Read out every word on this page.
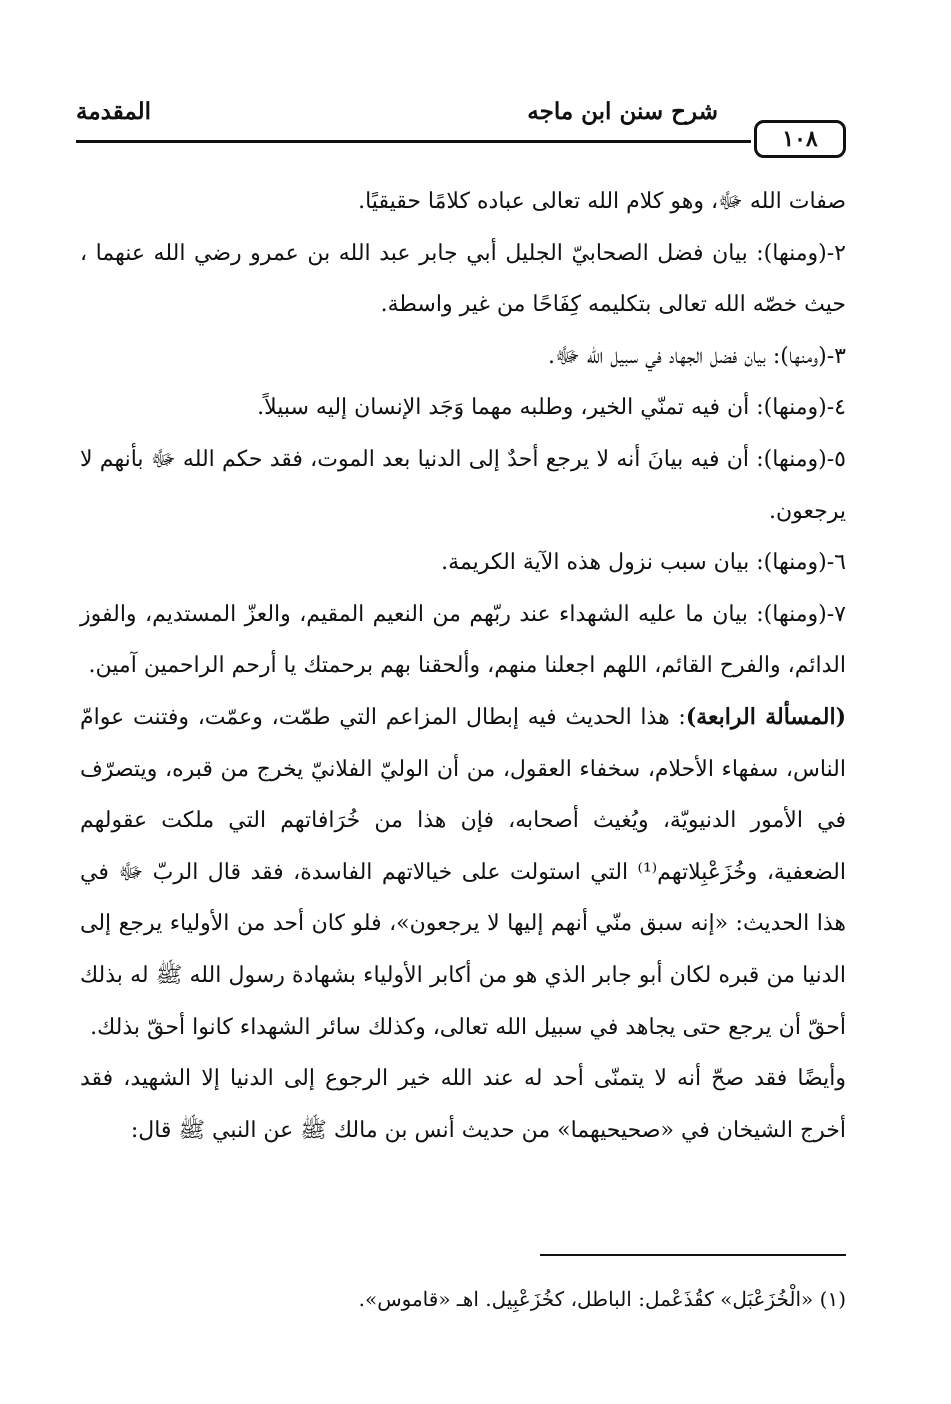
المقدمة	شرح سنن ابن ماجه
١٠٨

صفات الله ﷻ، وهو كلام الله تعالى عباده كلامًا حقيقيًا.

٢-(ومنها): بيان فضل الصحابيّ الجليل أبي جابر عبد الله بن عمرو رضي الله عنهما ، حيث خصّه الله تعالى بتكليمه كِفَاحًا من غير واسطة.

٣-(ومنها): بيان فضل الجهاد في سبيل الله ﷻ.

٤-(ومنها): أن فيه تمنّي الخير، وطلبه مهما وَجَد الإنسان إليه سبيلاً.

٥-(ومنها): أن فيه بيانَ أنه لا يرجع أحدٌ إلى الدنيا بعد الموت، فقد حكم الله ﷻ بأنهم لا يرجعون.

٦-(ومنها): بيان سبب نزول هذه الآية الكريمة.

٧-(ومنها): بيان ما عليه الشهداء عند ربّهم من النعيم المقيم، والعزّ المستديم، والفوز الدائم، والفرح القائم، اللهم اجعلنا منهم، وألحقنا بهم برحمتك يا أرحم الراحمين آمين.

(المسألة الرابعة): هذا الحديث فيه إبطال المزاعم التي طمّت، وعمّت، وفتنت عوامّ الناس، سفهاء الأحلام، سخفاء العقول، من أن الوليّ الفلانيّ يخرج من قبره، ويتصرّف في الأمور الدنيويّة، ويُغيث أصحابه، فإن هذا من خُرَافاتهم التي ملكت عقولهم الضعفية، وخُزَعْبِلاتهم⁽¹⁾ التي استولت على خيالاتهم الفاسدة، فقد قال الربّ ﷻ في هذا الحديث: «إنه سبق منّي أنهم إليها لا يرجعون»، فلو كان أحد من الأولياء يرجع إلى الدنيا من قبره لكان أبو جابر الذي هو من أكابر الأولياء بشهادة رسول الله ﷺ له بذلك أحقّ أن يرجع حتى يجاهد في سبيل الله تعالى، وكذلك سائر الشهداء كانوا أحقّ بذلك.

وأيضًا فقد صحّ أنه لا يتمنّى أحد له عند الله خير الرجوع إلى الدنيا إلا الشهيد، فقد أخرج الشيخان في «صحيحيهما» من حديث أنس بن مالك ﷺ عن النبي ﷺ قال:

(١) «الْخُزَعْبَل» كقُذَعْمل: الباطل، كخُزَعْبِيل. اهـ «قاموس».
